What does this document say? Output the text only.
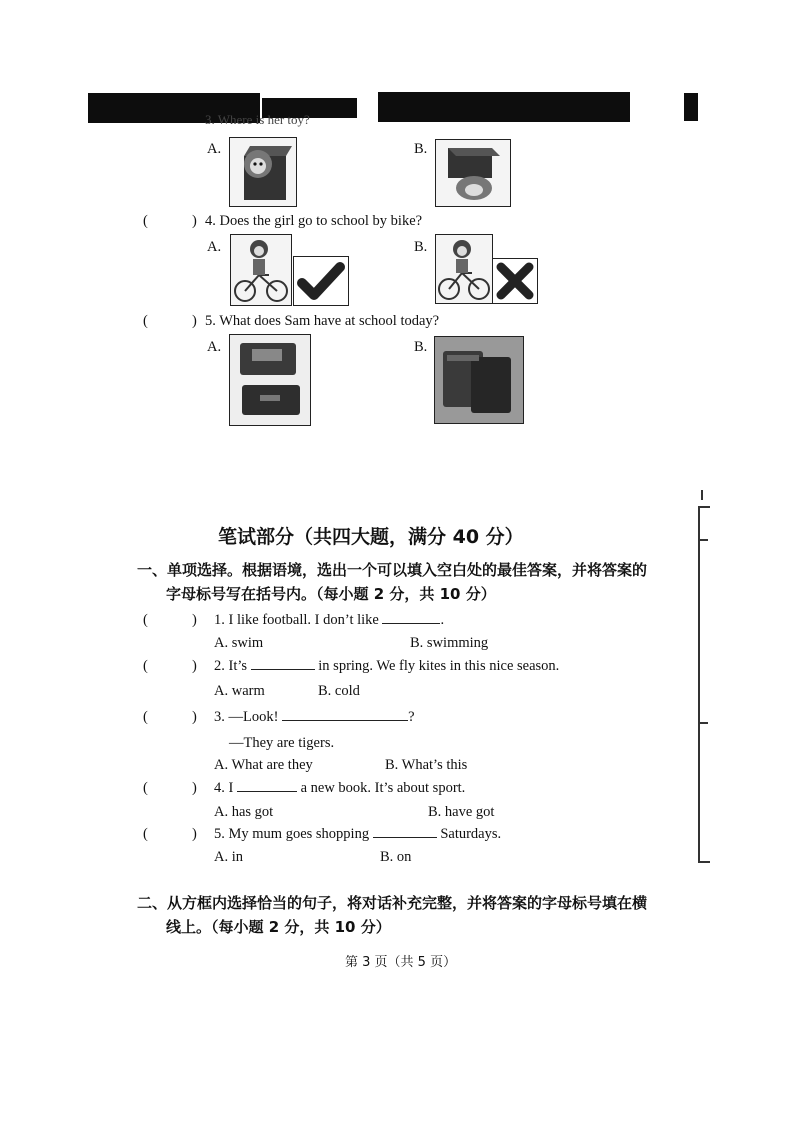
3. Where is her toy?
A.	B.
(	) 4. Does the girl go to school by bike?
A.	B.
(	) 5. What does Sam have at school today?
A.	B.
笔试部分（共四大题，满分 40 分）
一、单项选择。根据语境，选出一个可以填入空白处的最佳答案，并将答案的
字母标号写在括号内。（每小题 2 分，共 10 分）
(	) 1. I like football. I don’t like	.
A. swim	B. swimming
(	) 2. It’s	in spring. We fly kites in this nice season.
A. warm	B. cold
(	) 3. —Look!	?
—They are tigers.
A. What are they	B. What’s this
(	) 4. I	a new book. It’s about sport.
A. has got	B. have got
(	) 5. My mum goes shopping	Saturdays.
A. in	B. on
二、从方框内选择恰当的句子，将对话补充完整，并将答案的字母标号填在横
线上。（每小题 2 分，共 10 分）
第 3 页（共 5 页）
